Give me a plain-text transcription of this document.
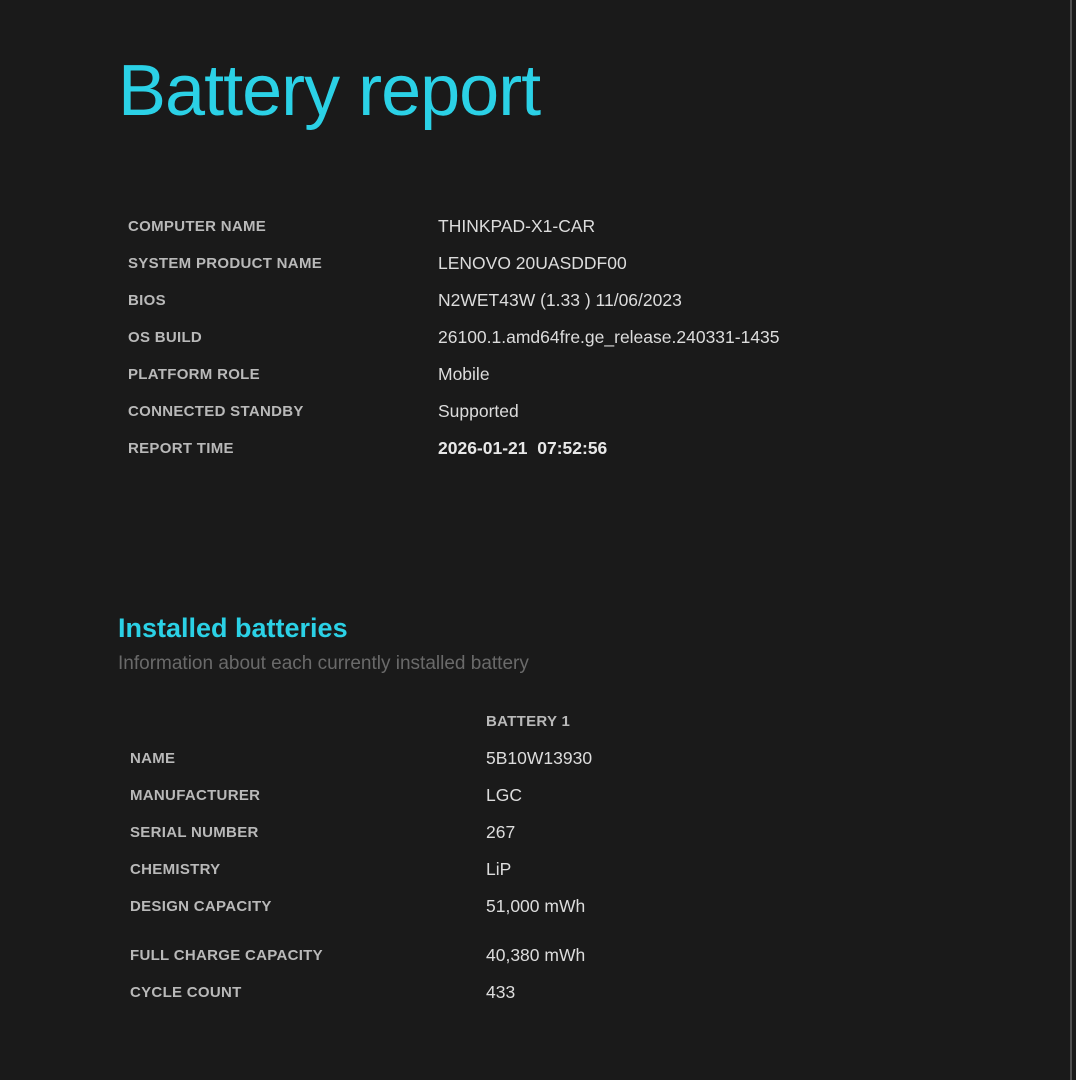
Battery report
COMPUTER NAME	THINKPAD-X1-CAR
SYSTEM PRODUCT NAME	LENOVO 20UASDDF00
BIOS	N2WET43W (1.33 ) 11/06/2023
OS BUILD	26100.1.amd64fre.ge_release.240331-1435
PLATFORM ROLE	Mobile
CONNECTED STANDBY	Supported
REPORT TIME	2026-01-21  07:52:56
Installed batteries
Information about each currently installed battery
BATTERY 1
NAME	5B10W13930
MANUFACTURER	LGC
SERIAL NUMBER	267
CHEMISTRY	LiP
DESIGN CAPACITY	51,000 mWh
FULL CHARGE CAPACITY	40,380 mWh
CYCLE COUNT	433
